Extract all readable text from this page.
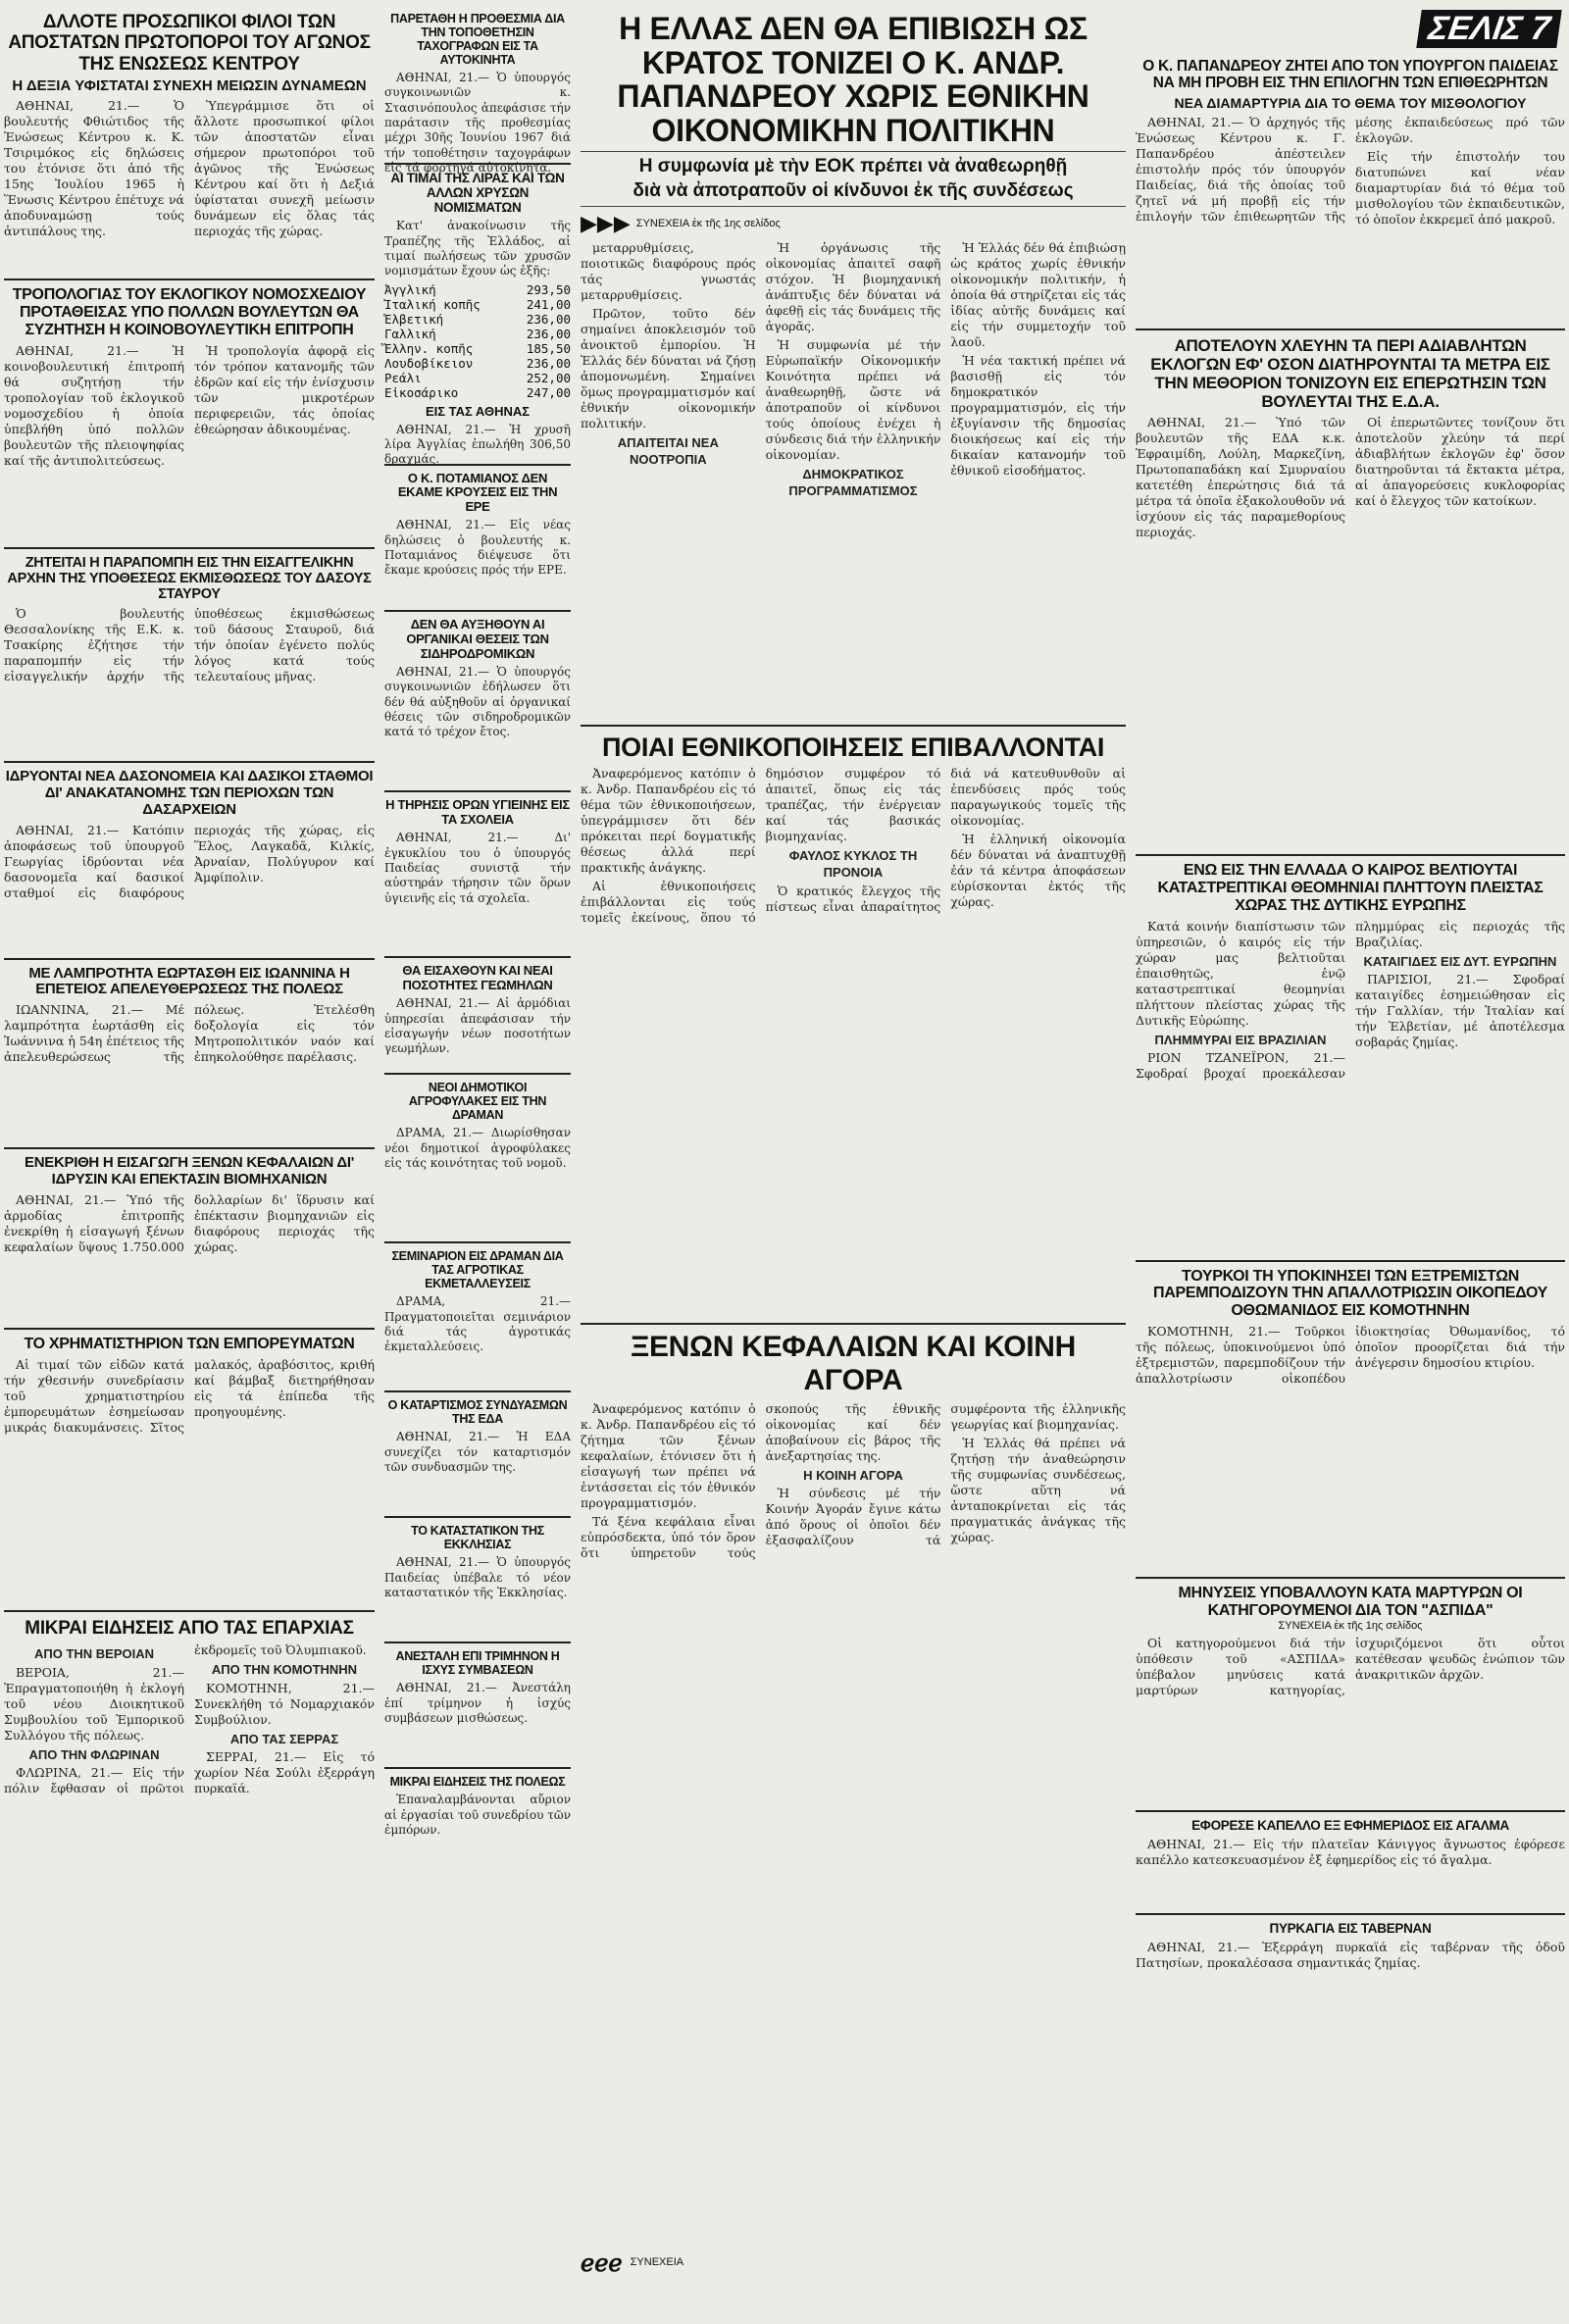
ΔΛΛΟΤΕ ΠΡΟΣΩΠΙΚΟΙ ΦΙΛΟΙ ΤΩΝ ΑΠΟΣΤΑΤΩΝ ΠΡΩΤΟΠΟΡΟΙ ΤΟΥ ΑΓΩΝΟΣ ΤΗΣ ΕΝΩΣΕΩΣ ΚΕΝΤΡΟΥ
Η ΔΕΞΙΑ ΥΦΙΣΤΑΤΑΙ ΣΥΝΕΧΗ ΜΕΙΩΣΙΝ ΔΥΝΑΜΕΩΝ

ΑΘΗΝΑΙ, 21.— Ὁ βουλευτής Φθιώτιδος τῆς Ἐνώσεως Κέντρου κ. Κ. Τσιριμόκος εἰς δηλώσεις του ἐτόνισε ὅτι ἀπό τῆς 15ης Ἰουλίου 1965 ἡ Ἕνωσις Κέντρου ἐπέτυχε νά ἀποδυναμώσῃ τούς ἀντιπάλους της.

Ὑπεγράμμισε ὅτι οἱ ἄλλοτε προσωπικοί φίλοι τῶν ἀποστατῶν εἶναι σήμερον πρωτοπόροι τοῦ ἀγῶνος τῆς Ἑνώσεως Κέντρου καί ὅτι ἡ Δεξιά ὑφίσταται συνεχῆ μείωσιν δυνάμεων εἰς ὅλας τάς περιοχάς τῆς χώρας.

ΤΡΟΠΟΛΟΓΙΑΣ ΤΟΥ ΕΚΛΟΓΙΚΟΥ ΝΟΜΟΣΧΕΔΙΟΥ ΠΡΟΤΑΘΕΙΣΑΣ ΥΠΟ ΠΟΛΛΩΝ ΒΟΥΛΕΥΤΩΝ ΘΑ ΣΥΖΗΤΗΣΗ Η ΚΟΙΝΟΒΟΥΛΕΥΤΙΚΗ ΕΠΙΤΡΟΠΗ

ΑΘΗΝΑΙ, 21.— Ἡ κοινοβουλευτική ἐπιτροπή θά συζητήσῃ τήν τροπολογίαν τοῦ ἐκλογικοῦ νομοσχεδίου ἡ ὁποία ὑπεβλήθη ὑπό πολλῶν βουλευτῶν τῆς πλειοψηφίας καί τῆς ἀντιπολιτεύσεως.

Ἡ τροπολογία ἀφορᾷ εἰς τόν τρόπον κατανομῆς τῶν ἑδρῶν καί εἰς τήν ἐνίσχυσιν τῶν μικροτέρων περιφερειῶν, τάς ὁποίας ἐθεώρησαν ἀδικουμένας.

ΖΗΤΕΙΤΑΙ Η ΠΑΡΑΠΟΜΠΗ ΕΙΣ ΤΗΝ ΕΙΣΑΓΓΕΛΙΚΗΝ ΑΡΧΗΝ ΤΗΣ ΥΠΟΘΕΣΕΩΣ ΕΚΜΙΣΘΩΣΕΩΣ ΤΟΥ ΔΑΣΟΥΣ ΣΤΑΥΡΟΥ

Ὁ βουλευτής Θεσσαλονίκης τῆς Ε.Κ. κ. Τσακίρης ἐζήτησε τήν παραπομπήν εἰς τήν εἰσαγγελικήν ἀρχήν τῆς ὑποθέσεως ἐκμισθώσεως τοῦ δάσους Σταυροῦ, διά τήν ὁποίαν ἐγένετο πολύς λόγος κατά τούς τελευταίους μῆνας.

ΙΔΡΥΟΝΤΑΙ ΝΕΑ ΔΑΣΟΝΟΜΕΙΑ ΚΑΙ ΔΑΣΙΚΟΙ ΣΤΑΘΜΟΙ ΔΙ' ΑΝΑΚΑΤΑΝΟΜΗΣ ΤΩΝ ΠΕΡΙΟΧΩΝ ΤΩΝ ΔΑΣΑΡΧΕΙΩΝ

ΑΘΗΝΑΙ, 21.— Κατόπιν ἀποφάσεως τοῦ ὑπουργοῦ Γεωργίας ἱδρύονται νέα δασονομεῖα καί δασικοί σταθμοί εἰς διαφόρους περιοχάς τῆς χώρας, εἰς Ἕλος, Λαγκαδᾶ, Κιλκίς, Ἀρναίαν, Πολύγυρον καί Ἀμφίπολιν.

ΜΕ ΛΑΜΠΡΟΤΗΤΑ ΕΩΡΤΑΣΘΗ ΕΙΣ ΙΩΑΝΝΙΝΑ Η ΕΠΕΤΕΙΟΣ ΑΠΕΛΕΥΘΕΡΩΣΕΩΣ ΤΗΣ ΠΟΛΕΩΣ

ΙΩΑΝΝΙΝΑ, 21.— Μέ λαμπρότητα ἑωρτάσθη εἰς Ἰωάννινα ἡ 54η ἐπέτειος τῆς ἀπελευθερώσεως τῆς πόλεως. Ἐτελέσθη δοξολογία εἰς τόν Μητροπολιτικόν ναόν καί ἐπηκολούθησε παρέλασις.

ΕΝΕΚΡΙΘΗ Η ΕΙΣΑΓΩΓΗ ΞΕΝΩΝ ΚΕΦΑΛΑΙΩΝ ΔΙ' ΙΔΡΥΣΙΝ ΚΑΙ ΕΠΕΚΤΑΣΙΝ ΒΙΟΜΗΧΑΝΙΩΝ

ΑΘΗΝΑΙ, 21.— Ὑπό τῆς ἁρμοδίας ἐπιτροπῆς ἐνεκρίθη ἡ εἰσαγωγή ξένων κεφαλαίων ὕψους 1.750.000 δολλαρίων δι' ἵδρυσιν καί ἐπέκτασιν βιομηχανιῶν εἰς διαφόρους περιοχάς τῆς χώρας.

ΤΟ ΧΡΗΜΑΤΙΣΤΗΡΙΟΝ ΤΩΝ ΕΜΠΟΡΕΥΜΑΤΩΝ

Αἱ τιμαί τῶν εἰδῶν κατά τήν χθεσινήν συνεδρίασιν τοῦ χρηματιστηρίου ἐμπορευμάτων ἐσημείωσαν μικράς διακυμάνσεις. Σῖτος μαλακός, ἀραβόσιτος, κριθή καί βάμβαξ διετηρήθησαν εἰς τά ἐπίπεδα τῆς προηγουμένης.

ΜΙΚΡΑΙ ΕΙΔΗΣΕΙΣ ΑΠΟ ΤΑΣ ΕΠΑΡΧΙΑΣ
ΑΠΟ ΤΗΝ ΒΕΡΟΙΑΝ

ΒΕΡΟΙΑ, 21.— Ἐπραγματοποιήθη ἡ ἐκλογή τοῦ νέου Διοικητικοῦ Συμβουλίου τοῦ Ἐμπορικοῦ Συλλόγου τῆς πόλεως.

ΑΠΟ ΤΗΝ ΦΛΩΡΙΝΑΝ

ΦΛΩΡΙΝΑ, 21.— Εἰς τήν πόλιν ἔφθασαν οἱ πρῶτοι ἐκδρομεῖς τοῦ Ὀλυμπιακοῦ.

ΑΠΟ ΤΗΝ ΚΟΜΟΤΗΝΗΝ

ΚΟΜΟΤΗΝΗ, 21.— Συνεκλήθη τό Νομαρχιακόν Συμβούλιον.

ΑΠΟ ΤΑΣ ΣΕΡΡΑΣ

ΣΕΡΡΑΙ, 21.— Εἰς τό χωρίον Νέα Σούλι ἐξερράγη πυρκαϊά.

ΠΑΡΕΤΑΘΗ Η ΠΡΟΘΕΣΜΙΑ ΔΙΑ ΤΗΝ ΤΟΠΟΘΕΤΗΣΙΝ ΤΑΧΟΓΡΑΦΩΝ ΕΙΣ ΤΑ ΑΥΤΟΚΙΝΗΤΑ

ΑΘΗΝΑΙ, 21.— Ὁ ὑπουργός συγκοινωνιῶν κ. Στασινόπουλος ἀπεφάσισε τήν παράτασιν τῆς προθεσμίας μέχρι 30ῆς Ἰουνίου 1967 διά τήν τοποθέτησιν ταχογράφων εἰς τά φορτηγά αὐτοκίνητα.

ΑΙ ΤΙΜΑΙ ΤΗΣ ΛΙΡΑΣ ΚΑΙ ΤΩΝ ΑΛΛΩΝ ΧΡΥΣΩΝ ΝΟΜΙΣΜΑΤΩΝ

Κατ' ἀνακοίνωσιν τῆς Τραπέζης τῆς Ἑλλάδος, αἱ τιμαί πωλήσεως τῶν χρυσῶν νομισμάτων ἔχουν ὡς ἑξῆς:

Ἀγγλική	293,50
Ἰταλική κοπῆς	241,00
Ἑλβετική	236,00
Γαλλική	236,00
Ἕλλην. κοπῆς	185,50
Λουδοβίκειον	236,00
Ρεάλι	252,00
Εἰκοσάρικο	247,00
ΕΙΣ ΤΑΣ ΑΘΗΝΑΣ

ΑΘΗΝΑΙ, 21.— Ἡ χρυσῆ λίρα Ἀγγλίας ἐπωλήθη 306,50 δραχμάς.

Ο Κ. ΠΟΤΑΜΙΑΝΟΣ ΔΕΝ ΕΚΑΜΕ ΚΡΟΥΣΕΙΣ ΕΙΣ ΤΗΝ ΕΡΕ

ΑΘΗΝΑΙ, 21.— Εἰς νέας δηλώσεις ὁ βουλευτής κ. Ποταμιάνος διέψευσε ὅτι ἔκαμε κρούσεις πρός τήν ΕΡΕ.

ΔΕΝ ΘΑ ΑΥΞΗΘΟΥΝ ΑΙ ΟΡΓΑΝΙΚΑΙ ΘΕΣΕΙΣ ΤΩΝ ΣΙΔΗΡΟΔΡΟΜΙΚΩΝ

ΑΘΗΝΑΙ, 21.— Ὁ ὑπουργός συγκοινωνιῶν ἐδήλωσεν ὅτι δέν θά αὐξηθοῦν αἱ ὀργανικαί θέσεις τῶν σιδηροδρομικῶν κατά τό τρέχον ἔτος.

Η ΤΗΡΗΣΙΣ ΟΡΩΝ ΥΓΙΕΙΝΗΣ ΕΙΣ ΤΑ ΣΧΟΛΕΙΑ

ΑΘΗΝΑΙ, 21.— Δι' ἐγκυκλίου του ὁ ὑπουργός Παιδείας συνιστᾷ τήν αὐστηράν τήρησιν τῶν ὅρων ὑγιεινῆς εἰς τά σχολεῖα.

ΘΑ ΕΙΣΑΧΘΟΥΝ ΚΑΙ ΝΕΑΙ ΠΟΣΟΤΗΤΕΣ ΓΕΩΜΗΛΩΝ

ΑΘΗΝΑΙ, 21.— Αἱ ἁρμόδιαι ὑπηρεσίαι ἀπεφάσισαν τήν εἰσαγωγήν νέων ποσοτήτων γεωμήλων.

ΝΕΟΙ ΔΗΜΟΤΙΚΟΙ ΑΓΡΟΦΥΛΑΚΕΣ ΕΙΣ ΤΗΝ ΔΡΑΜΑΝ

ΔΡΑΜΑ, 21.— Διωρίσθησαν νέοι δημοτικοί ἀγροφύλακες εἰς τάς κοινότητας τοῦ νομοῦ.

ΣΕΜΙΝΑΡΙΟΝ ΕΙΣ ΔΡΑΜΑΝ ΔΙΑ ΤΑΣ ΑΓΡΟΤΙΚΑΣ ΕΚΜΕΤΑΛΛΕΥΣΕΙΣ

ΔΡΑΜΑ, 21.— Πραγματοποιεῖται σεμινάριον διά τάς ἀγροτικάς ἐκμεταλλεύσεις.

Ο ΚΑΤΑΡΤΙΣΜΟΣ ΣΥΝΔΥΑΣΜΩΝ ΤΗΣ ΕΔΑ

ΑΘΗΝΑΙ, 21.— Ἡ ΕΔΑ συνεχίζει τόν καταρτισμόν τῶν συνδυασμῶν της.

ΤΟ ΚΑΤΑΣΤΑΤΙΚΟΝ ΤΗΣ ΕΚΚΛΗΣΙΑΣ

ΑΘΗΝΑΙ, 21.— Ὁ ὑπουργός Παιδείας ὑπέβαλε τό νέον καταστατικόν τῆς Ἐκκλησίας.

ΑΝΕΣΤΑΛΗ ΕΠΙ ΤΡΙΜΗΝΟΝ Η ΙΣΧΥΣ ΣΥΜΒΑΣΕΩΝ

ΑΘΗΝΑΙ, 21.— Ἀνεστάλη ἐπί τρίμηνον ἡ ἰσχύς συμβάσεων μισθώσεως.

ΜΙΚΡΑΙ ΕΙΔΗΣΕΙΣ ΤΗΣ ΠΟΛΕΩΣ

Ἐπαναλαμβάνονται αὔριον αἱ ἐργασίαι τοῦ συνεδρίου τῶν ἐμπόρων.

Η ΕΛΛΑΣ ΔΕΝ ΘΑ ΕΠΙΒΙΩΣΗ ΩΣ ΚΡΑΤΟΣ ΤΟΝΙΖΕΙ Ο Κ. ΑΝΔΡ. ΠΑΠΑΝΔΡΕΟΥ ΧΩΡΙΣ ΕΘΝΙΚΗΝ ΟΙΚΟΝΟΜΙΚΗΝ ΠΟΛΙΤΙΚΗΝ
Η συμφωνία μὲ τὴν ΕΟΚ πρέπει νὰ ἀναθεωρηθῇ
διὰ νὰ ἀποτραποῦν οἱ κίνδυνοι ἐκ τῆς συνδέσεως
▶▶▶ ΣΥΝΕΧΕΙΑ ἐκ τῆς 1ης σελίδος

μεταρρυθμίσεις, ποιοτικῶς διαφόρους πρός τάς γνωστάς μεταρρυθμίσεις.

Πρῶτον, τοῦτο δέν σημαίνει ἀποκλεισμόν τοῦ ἀνοικτοῦ ἐμπορίου. Ἡ Ἑλλάς δέν δύναται νά ζήσῃ ἀπομονωμένη. Σημαίνει ὅμως προγραμματισμόν καί ἐθνικήν οἰκονομικήν πολιτικήν.

ΑΠΑΙΤΕΙΤΑΙ ΝΕΑ ΝΟΟΤΡΟΠΙΑ

Ἡ ὀργάνωσις τῆς οἰκονομίας ἀπαιτεῖ σαφῆ στόχον. Ἡ βιομηχανική ἀνάπτυξις δέν δύναται νά ἀφεθῇ εἰς τάς δυνάμεις τῆς ἀγορᾶς.

Ἡ συμφωνία μέ τήν Εὐρωπαϊκήν Οἰκονομικήν Κοινότητα πρέπει νά ἀναθεωρηθῇ, ὥστε νά ἀποτραποῦν οἱ κίνδυνοι τούς ὁποίους ἐνέχει ἡ σύνδεσις διά τήν ἑλληνικήν οἰκονομίαν.

ΔΗΜΟΚΡΑΤΙΚΟΣ ΠΡΟΓΡΑΜΜΑΤΙΣΜΟΣ

Ἡ Ἑλλάς δέν θά ἐπιβιώσῃ ὡς κράτος χωρίς ἐθνικήν οἰκονομικήν πολιτικήν, ἡ ὁποία θά στηρίζεται εἰς τάς ἰδίας αὐτῆς δυνάμεις καί εἰς τήν συμμετοχήν τοῦ λαοῦ.

Ἡ νέα τακτική πρέπει νά βασισθῇ εἰς τόν δημοκρατικόν προγραμματισμόν, εἰς τήν ἐξυγίανσιν τῆς δημοσίας διοικήσεως καί εἰς τήν δικαίαν κατανομήν τοῦ ἐθνικοῦ εἰσοδήματος.

ΠΟΙΑΙ ΕΘΝΙΚΟΠΟΙΗΣΕΙΣ ΕΠΙΒΑΛΛΟΝΤΑΙ

Ἀναφερόμενος κατόπιν ὁ κ. Ἀνδρ. Παπανδρέου εἰς τό θέμα τῶν ἐθνικοποιήσεων, ὑπεγράμμισεν ὅτι δέν πρόκειται περί δογματικῆς θέσεως ἀλλά περί πρακτικῆς ἀνάγκης.

Αἱ ἐθνικοποιήσεις ἐπιβάλλονται εἰς τούς τομεῖς ἐκείνους, ὅπου τό δημόσιον συμφέρον τό ἀπαιτεῖ, ὅπως εἰς τάς τραπέζας, τήν ἐνέργειαν καί τάς βασικάς βιομηχανίας.

ΦΑΥΛΟΣ ΚΥΚΛΟΣ ΤΗ ΠΡΟΝΟΙΑ

Ὁ κρατικός ἔλεγχος τῆς πίστεως εἶναι ἀπαραίτητος διά νά κατευθυνθοῦν αἱ ἐπενδύσεις πρός τούς παραγωγικούς τομεῖς τῆς οἰκονομίας.

Ἡ ἑλληνική οἰκονομία δέν δύναται νά ἀναπτυχθῇ ἐάν τά κέντρα ἀποφάσεων εὑρίσκονται ἐκτός τῆς χώρας.

ΞΕΝΩΝ ΚΕΦΑΛΑΙΩΝ ΚΑΙ ΚΟΙΝΗ ΑΓΟΡΑ

Ἀναφερόμενος κατόπιν ὁ κ. Ἀνδρ. Παπανδρέου εἰς τό ζήτημα τῶν ξένων κεφαλαίων, ἐτόνισεν ὅτι ἡ εἰσαγωγή των πρέπει νά ἐντάσσεται εἰς τόν ἐθνικόν προγραμματισμόν.

Τά ξένα κεφάλαια εἶναι εὐπρόσδεκτα, ὑπό τόν ὅρον ὅτι ὑπηρετοῦν τούς σκοπούς τῆς ἐθνικῆς οἰκονομίας καί δέν ἀποβαίνουν εἰς βάρος τῆς ἀνεξαρτησίας της.

Η ΚΟΙΝΗ ΑΓΟΡΑ

Ἡ σύνδεσις μέ τήν Κοινήν Ἀγοράν ἔγινε κάτω ἀπό ὅρους οἱ ὁποῖοι δέν ἐξασφαλίζουν τά συμφέροντα τῆς ἑλληνικῆς γεωργίας καί βιομηχανίας.

Ἡ Ἑλλάς θά πρέπει νά ζητήσῃ τήν ἀναθεώρησιν τῆς συμφωνίας συνδέσεως, ὥστε αὕτη νά ἀνταποκρίνεται εἰς τάς πραγματικάς ἀνάγκας τῆς χώρας.

ℯℯℯ ΣΥΝΕΧΕΙΑ
ΣΕΛΙΣ 7
Ο Κ. ΠΑΠΑΝΔΡΕΟΥ ΖΗΤΕΙ ΑΠΟ ΤΟΝ ΥΠΟΥΡΓΟΝ ΠΑΙΔΕΙΑΣ ΝΑ ΜΗ ΠΡΟΒΗ ΕΙΣ ΤΗΝ ΕΠΙΛΟΓΗΝ ΤΩΝ ΕΠΙΘΕΩΡΗΤΩΝ
ΝΕΑ ΔΙΑΜΑΡΤΥΡΙΑ ΔΙΑ ΤΟ ΘΕΜΑ ΤΟΥ ΜΙΣΘΟΛΟΓΙΟΥ

ΑΘΗΝΑΙ, 21.— Ὁ ἀρχηγός τῆς Ἑνώσεως Κέντρου κ. Γ. Παπανδρέου ἀπέστειλεν ἐπιστολήν πρός τόν ὑπουργόν Παιδείας, διά τῆς ὁποίας τοῦ ζητεῖ νά μή προβῇ εἰς τήν ἐπιλογήν τῶν ἐπιθεωρητῶν τῆς μέσης ἐκπαιδεύσεως πρό τῶν ἐκλογῶν.

Εἰς τήν ἐπιστολήν του διατυπώνει καί νέαν διαμαρτυρίαν διά τό θέμα τοῦ μισθολογίου τῶν ἐκπαιδευτικῶν, τό ὁποῖον ἐκκρεμεῖ ἀπό μακροῦ.

ΑΠΟΤΕΛΟΥΝ ΧΛΕΥΗΝ ΤΑ ΠΕΡΙ ΑΔΙΑΒΛΗΤΩΝ ΕΚΛΟΓΩΝ ΕΦ' ΟΣΟΝ ΔΙΑΤΗΡΟΥΝΤΑΙ ΤΑ ΜΕΤΡΑ ΕΙΣ ΤΗΝ ΜΕΘΟΡΙΟΝ ΤΟΝΙΖΟΥΝ ΕΙΣ ΕΠΕΡΩΤΗΣΙΝ ΤΩΝ ΒΟΥΛΕΥΤΑΙ ΤΗΣ Ε.Δ.Α.

ΑΘΗΝΑΙ, 21.— Ὑπό τῶν βουλευτῶν τῆς ΕΔΑ κ.κ. Ἐφραιμίδη, Λούλη, Μαρκεζίνη, Πρωτοπαπαδάκη καί Σμυρναίου κατετέθη ἐπερώτησις διά τά μέτρα τά ὁποῖα ἐξακολουθοῦν νά ἰσχύουν εἰς τάς παραμεθορίους περιοχάς.

Οἱ ἐπερωτῶντες τονίζουν ὅτι ἀποτελοῦν χλεύην τά περί ἀδιαβλήτων ἐκλογῶν ἐφ' ὅσον διατηροῦνται τά ἔκτακτα μέτρα, αἱ ἀπαγορεύσεις κυκλοφορίας καί ὁ ἔλεγχος τῶν κατοίκων.

ΕΝΩ ΕΙΣ ΤΗΝ ΕΛΛΑΔΑ Ο ΚΑΙΡΟΣ ΒΕΛΤΙΟΥΤΑΙ ΚΑΤΑΣΤΡΕΠΤΙΚΑΙ ΘΕΟΜΗΝΙΑΙ ΠΛΗΤΤΟΥΝ ΠΛΕΙΣΤΑΣ ΧΩΡΑΣ ΤΗΣ ΔΥΤΙΚΗΣ ΕΥΡΩΠΗΣ

Κατά κοινήν διαπίστωσιν τῶν ὑπηρεσιῶν, ὁ καιρός εἰς τήν χώραν μας βελτιοῦται ἐπαισθητῶς, ἐνῷ καταστρεπτικαί θεομηνίαι πλήττουν πλείστας χώρας τῆς Δυτικῆς Εὐρώπης.

ΠΛΗΜΜΥΡΑΙ ΕΙΣ ΒΡΑΖΙΛΙΑΝ

ΡΙΟΝ ΤΖΑΝΕΪΡΟΝ, 21.— Σφοδραί βροχαί προεκάλεσαν πλημμύρας εἰς περιοχάς τῆς Βραζιλίας.

ΚΑΤΑΙΓΙΔΕΣ ΕΙΣ ΔΥΤ. ΕΥΡΩΠΗΝ

ΠΑΡΙΣΙΟΙ, 21.— Σφοδραί καταιγίδες ἐσημειώθησαν εἰς τήν Γαλλίαν, τήν Ἰταλίαν καί τήν Ἑλβετίαν, μέ ἀποτέλεσμα σοβαράς ζημίας.

ΤΟΥΡΚΟΙ ΤΗ ΥΠΟΚΙΝΗΣΕΙ ΤΩΝ ΕΞΤΡΕΜΙΣΤΩΝ ΠΑΡΕΜΠΟΔΙΖΟΥΝ ΤΗΝ ΑΠΑΛΛΟΤΡΙΩΣΙΝ ΟΙΚΟΠΕΔΟΥ ΟΘΩΜΑΝΙΔΟΣ ΕΙΣ ΚΟΜΟΤΗΝΗΝ

ΚΟΜΟΤΗΝΗ, 21.— Τοῦρκοι τῆς πόλεως, ὑποκινούμενοι ὑπό ἐξτρεμιστῶν, παρεμποδίζουν τήν ἀπαλλοτρίωσιν οἰκοπέδου ἰδιοκτησίας Ὀθωμανίδος, τό ὁποῖον προορίζεται διά τήν ἀνέγερσιν δημοσίου κτιρίου.

ΜΗΝΥΣΕΙΣ ΥΠΟΒΑΛΛΟΥΝ ΚΑΤΑ ΜΑΡΤΥΡΩΝ ΟΙ ΚΑΤΗΓΟΡΟΥΜΕΝΟΙ ΔΙΑ ΤΟΝ "ΑΣΠΙΔΑ"
ΣΥΝΕΧΕΙΑ ἐκ τῆς 1ης σελίδος

Οἱ κατηγορούμενοι διά τήν ὑπόθεσιν τοῦ «ΑΣΠΙΔΑ» ὑπέβαλον μηνύσεις κατά μαρτύρων κατηγορίας, ἰσχυριζόμενοι ὅτι οὗτοι κατέθεσαν ψευδῶς ἐνώπιον τῶν ἀνακριτικῶν ἀρχῶν.

ΕΦΟΡΕΣΕ ΚΑΠΕΛΛΟ ΕΞ ΕΦΗΜΕΡΙΔΟΣ ΕΙΣ ΑΓΑΛΜΑ

ΑΘΗΝΑΙ, 21.— Εἰς τήν πλατεῖαν Κάνιγγος ἄγνωστος ἐφόρεσε καπέλλο κατεσκευασμένον ἐξ ἐφημερίδος εἰς τό ἄγαλμα.

ΠΥΡΚΑΓΙΑ ΕΙΣ ΤΑΒΕΡΝΑΝ

ΑΘΗΝΑΙ, 21.— Ἐξερράγη πυρκαϊά εἰς ταβέρναν τῆς ὁδοῦ Πατησίων, προκαλέσασα σημαντικάς ζημίας.
